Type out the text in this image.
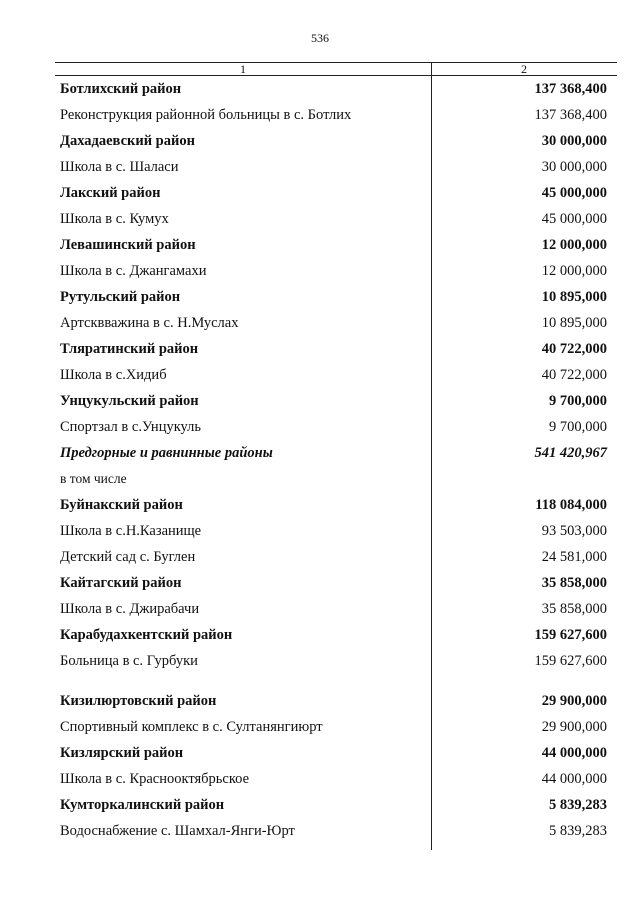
536
1	2
Ботлихский район	137 368,400
Реконструкция районной больницы в с. Ботлих	137 368,400
Дахадаевский район	30 000,000
Школа в с. Шаласи	30 000,000
Лакский район	45 000,000
Школа в с. Кумух	45 000,000
Левашинский район	12 000,000
Школа в с. Джангамахи	12 000,000
Рутульский район	10 895,000
Артсквважина в с. Н.Муслах	10 895,000
Тляратинский район	40 722,000
Школа в с.Хидиб	40 722,000
Унцукульский район	9 700,000
Спортзал в с.Унцукуль	9 700,000
Предгорные и равнинные районы	541 420,967
в том числе
Буйнакский район	118 084,000
Школа в с.Н.Казанище	93 503,000
Детский сад с. Буглен	24 581,000
Кайтагский район	35 858,000
Школа в с. Джирабачи	35 858,000
Карабудахкентский район	159 627,600
Больница в с. Гурбуки	159 627,600
Кизилюртовский район	29 900,000
Спортивный комплекс в с. Султанянгиюрт	29 900,000
Кизлярский район	44 000,000
Школа в с. Краснооктябрьское	44 000,000
Кумторкалинский район	5 839,283
Водоснабжение с. Шамхал-Янги-Юрт	5 839,283
